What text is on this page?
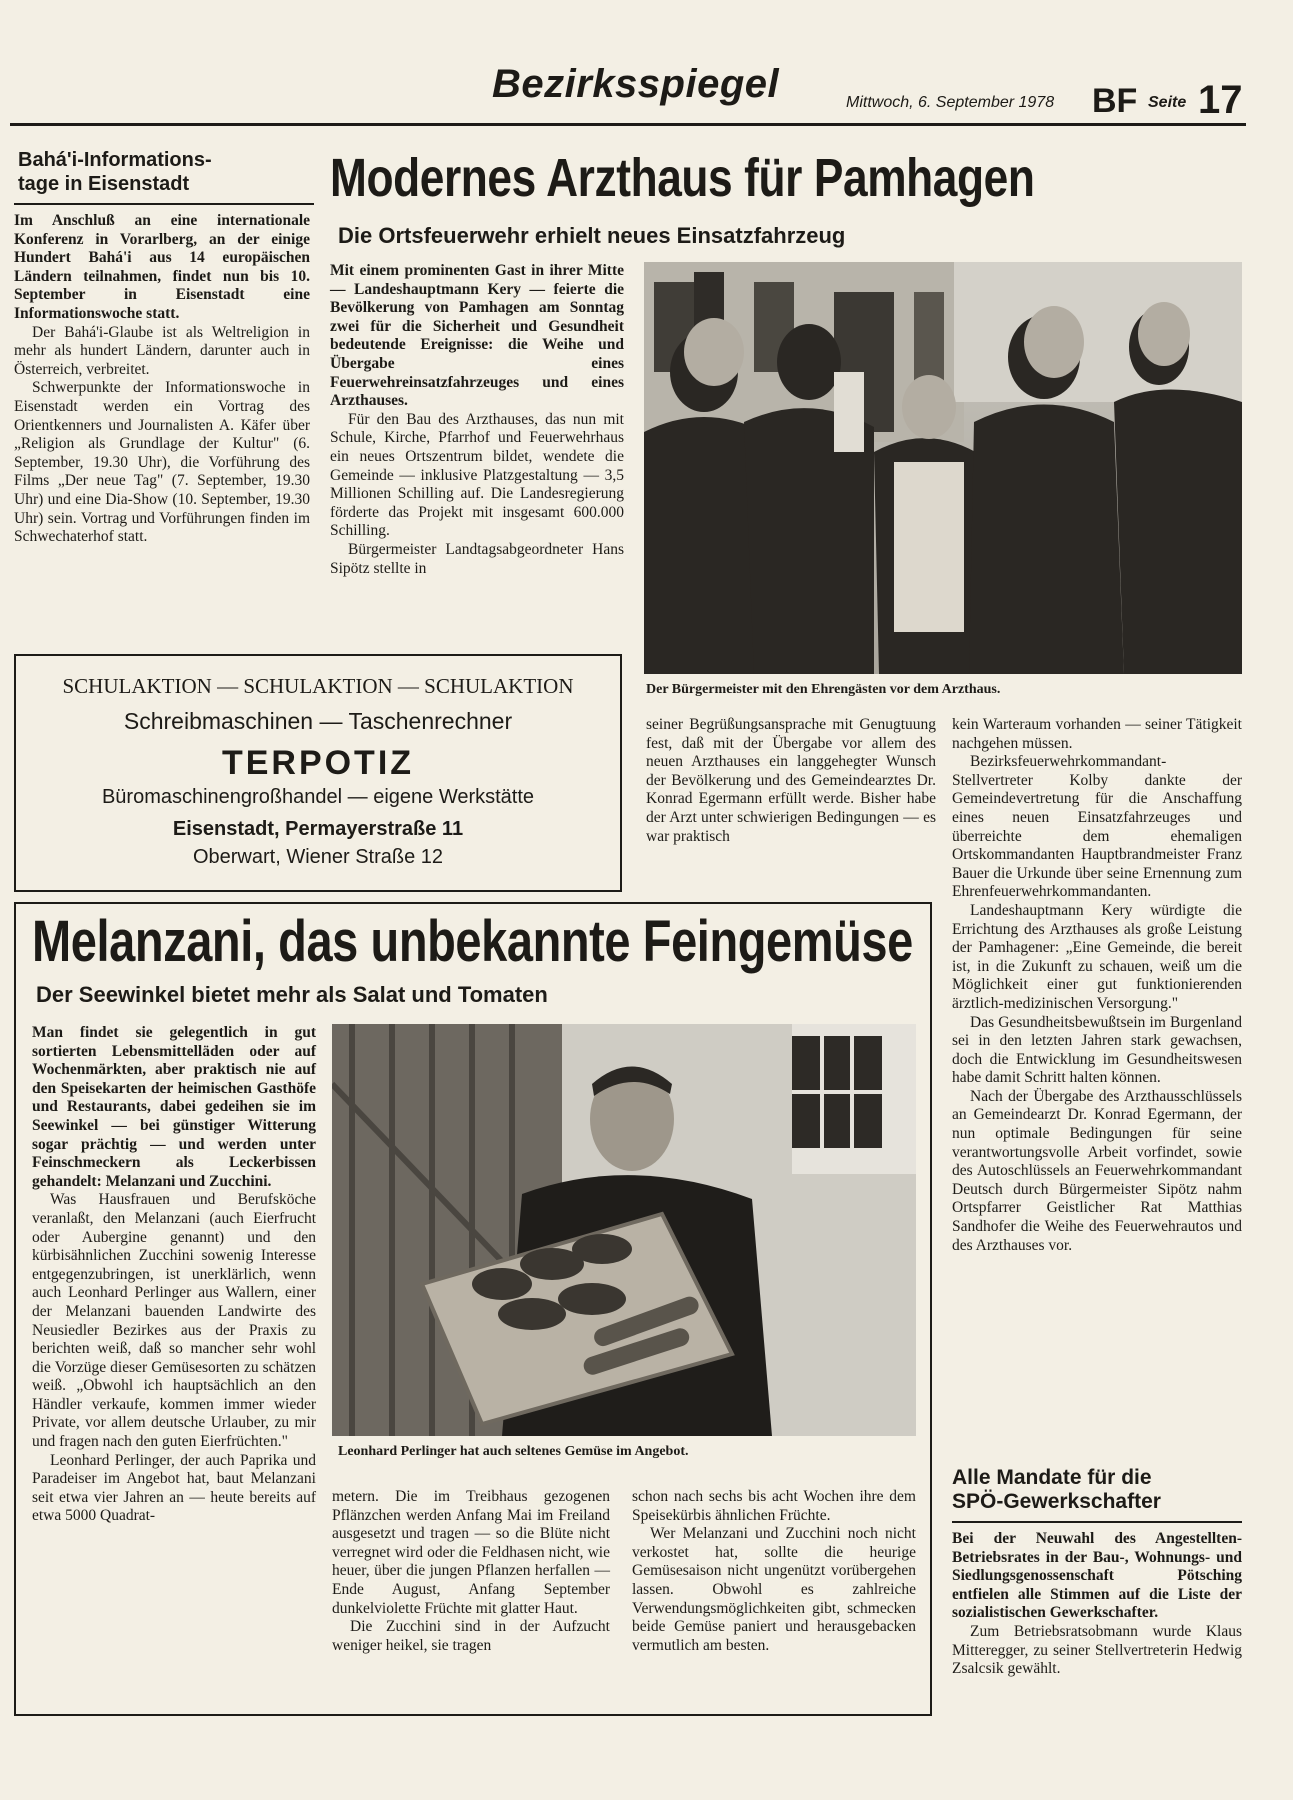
Bezirksspiegel	Mittwoch, 6. September 1978 BF Seite 17
Bahá'i-Informations-
tage in Eisenstadt

Im Anschluß an eine internationale Konferenz in Vorarlberg, an der einige Hundert Bahá'i aus 14 europäischen Ländern teilnahmen, findet nun bis 10. September in Eisenstadt eine Informationswoche statt.

Der Bahá'i-Glaube ist als Weltreligion in mehr als hundert Ländern, darunter auch in Österreich, verbreitet.

Schwerpunkte der Informationswoche in Eisenstadt werden ein Vortrag des Orientkenners und Journalisten A. Käfer über „Religion als Grundlage der Kultur" (6. September, 19.30 Uhr), die Vorführung des Films „Der neue Tag" (7. September, 19.30 Uhr) und eine Dia-Show (10. September, 19.30 Uhr) sein. Vortrag und Vorführungen finden im Schwechaterhof statt.

Modernes Arzthaus für Pamhagen
Die Ortsfeuerwehr erhielt neues Einsatzfahrzeug

Mit einem prominenten Gast in ihrer Mitte — Landeshauptmann Kery — feierte die Bevölkerung von Pamhagen am Sonntag zwei für die Sicherheit und Gesundheit bedeutende Ereignisse: die Weihe und Übergabe eines Feuerwehreinsatzfahrzeuges und eines Arzthauses.

Für den Bau des Arzthauses, das nun mit Schule, Kirche, Pfarrhof und Feuerwehrhaus ein neues Ortszentrum bildet, wendete die Gemeinde — inklusive Platzgestaltung — 3,5 Millionen Schilling auf. Die Landesregierung förderte das Projekt mit insgesamt 600.000 Schilling.

Bürgermeister Landtagsabgeordneter Hans Sipötz stellte in

Der Bürgermeister mit den Ehrengästen vor dem Arzthaus.

seiner Begrüßungsansprache mit Genugtuung fest, daß mit der Übergabe vor allem des neuen Arzthauses ein langgehegter Wunsch der Bevölkerung und des Gemeindearztes Dr. Konrad Egermann erfüllt werde. Bisher habe der Arzt unter schwierigen Bedingungen — es war praktisch

kein Warteraum vorhanden — seiner Tätigkeit nachgehen müssen.

Bezirksfeuerwehrkommandant-Stellvertreter Kolby dankte der Gemeindevertretung für die Anschaffung eines neuen Einsatzfahrzeuges und überreichte dem ehemaligen Ortskommandanten Hauptbrandmeister Franz Bauer die Urkunde über seine Ernennung zum Ehrenfeuerwehrkommandanten.

Landeshauptmann Kery würdigte die Errichtung des Arzthauses als große Leistung der Pamhagener: „Eine Gemeinde, die bereit ist, in die Zukunft zu schauen, weiß um die Möglichkeit einer gut funktionierenden ärztlich-medizinischen Versorgung."

Das Gesundheitsbewußtsein im Burgenland sei in den letzten Jahren stark gewachsen, doch die Entwicklung im Gesundheitswesen habe damit Schritt halten können.

Nach der Übergabe des Arzthausschlüssels an Gemeindearzt Dr. Konrad Egermann, der nun optimale Bedingungen für seine verantwortungsvolle Arbeit vorfindet, sowie des Autoschlüssels an Feuerwehrkommandant Deutsch durch Bürgermeister Sipötz nahm Ortspfarrer Geistlicher Rat Matthias Sandhofer die Weihe des Feuerwehrautos und des Arzthauses vor.

SCHULAKTION — SCHULAKTION — SCHULAKTION
Schreibmaschinen — Taschenrechner
TERPOTIZ
Büromaschinengroßhandel — eigene Werkstätte
Eisenstadt, Permayerstraße 11
Oberwart, Wiener Straße 12
Melanzani, das unbekannte Feingemüse
Der Seewinkel bietet mehr als Salat und Tomaten

Man findet sie gelegentlich in gut sortierten Lebensmittelläden oder auf Wochenmärkten, aber praktisch nie auf den Speisekarten der heimischen Gasthöfe und Restaurants, dabei gedeihen sie im Seewinkel — bei günstiger Witterung sogar prächtig — und werden unter Feinschmeckern als Leckerbissen gehandelt: Melanzani und Zucchini.

Was Hausfrauen und Berufsköche veranlaßt, den Melanzani (auch Eierfrucht oder Aubergine genannt) und den kürbisähnlichen Zucchini sowenig Interesse entgegenzubringen, ist unerklärlich, wenn auch Leonhard Perlinger aus Wallern, einer der Melanzani bauenden Landwirte des Neusiedler Bezirkes aus der Praxis zu berichten weiß, daß so mancher sehr wohl die Vorzüge dieser Gemüsesorten zu schätzen weiß. „Obwohl ich hauptsächlich an den Händler verkaufe, kommen immer wieder Private, vor allem deutsche Urlauber, zu mir und fragen nach den guten Eierfrüchten."

Leonhard Perlinger, der auch Paprika und Paradeiser im Angebot hat, baut Melanzani seit etwa vier Jahren an — heute bereits auf etwa 5000 Quadrat-

Leonhard Perlinger hat auch seltenes Gemüse im Angebot.

metern. Die im Treibhaus gezogenen Pflänzchen werden Anfang Mai im Freiland ausgesetzt und tragen — so die Blüte nicht verregnet wird oder die Feldhasen nicht, wie heuer, über die jungen Pflanzen herfallen — Ende August, Anfang September dunkelviolette Früchte mit glatter Haut.

Die Zucchini sind in der Aufzucht weniger heikel, sie tragen

schon nach sechs bis acht Wochen ihre dem Speisekürbis ähnlichen Früchte.

Wer Melanzani und Zucchini noch nicht verkostet hat, sollte die heurige Gemüsesaison nicht ungenützt vorübergehen lassen. Obwohl es zahlreiche Verwendungsmöglichkeiten gibt, schmecken beide Gemüse paniert und herausgebacken vermutlich am besten.

Alle Mandate für die
SPÖ-Gewerkschafter

Bei der Neuwahl des Angestellten-Betriebsrates in der Bau-, Wohnungs- und Siedlungsgenossenschaft Pötsching entfielen alle Stimmen auf die Liste der sozialistischen Gewerkschafter.

Zum Betriebsratsobmann wurde Klaus Mitteregger, zu seiner Stellvertreterin Hedwig Zsalcsik gewählt.
